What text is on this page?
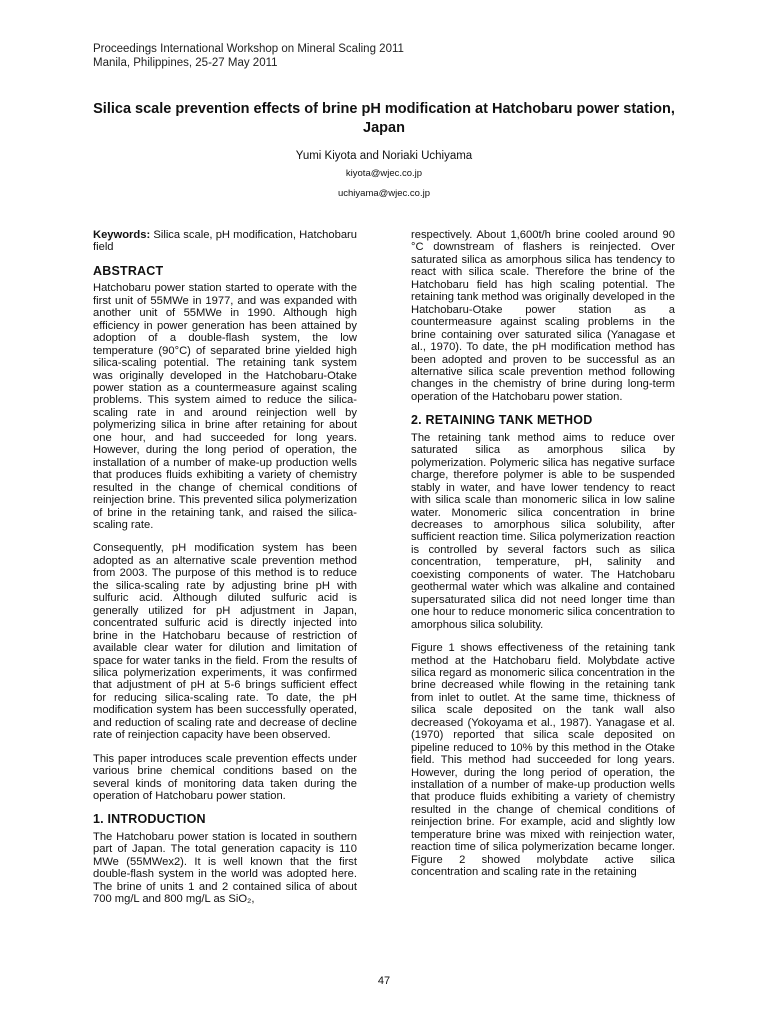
Proceedings International Workshop on Mineral Scaling 2011
Manila, Philippines, 25-27 May 2011
Silica scale prevention effects of brine pH modification at Hatchobaru power station, Japan
Yumi Kiyota and Noriaki Uchiyama
kiyota@wjec.co.jp
uchiyama@wjec.co.jp

Keywords: Silica scale, pH modification, Hatchobaru field

ABSTRACT

Hatchobaru power station started to operate with the first unit of 55MWe in 1977, and was expanded with another unit of 55MWe in 1990. Although high efficiency in power generation has been attained by adoption of a double-flash system, the low temperature (90°C) of separated brine yielded high silica-scaling potential. The retaining tank system was originally developed in the Hatchobaru-Otake power station as a countermeasure against scaling problems. This system aimed to reduce the silica-scaling rate in and around reinjection well by polymerizing silica in brine after retaining for about one hour, and had succeeded for long years. However, during the long period of operation, the installation of a number of make-up production wells that produces fluids exhibiting a variety of chemistry resulted in the change of chemical conditions of reinjection brine. This prevented silica polymerization of brine in the retaining tank, and raised the silica-scaling rate.

Consequently, pH modification system has been adopted as an alternative scale prevention method from 2003. The purpose of this method is to reduce the silica-scaling rate by adjusting brine pH with sulfuric acid. Although diluted sulfuric acid is generally utilized for pH adjustment in Japan, concentrated sulfuric acid is directly injected into brine in the Hatchobaru because of restriction of available clear water for dilution and limitation of space for water tanks in the field. From the results of silica polymerization experiments, it was confirmed that adjustment of pH at 5-6 brings sufficient effect for reducing silica-scaling rate. To date, the pH modification system has been successfully operated, and reduction of scaling rate and decrease of decline rate of reinjection capacity have been observed.

This paper introduces scale prevention effects under various brine chemical conditions based on the several kinds of monitoring data taken during the operation of Hatchobaru power station.

1. INTRODUCTION

The Hatchobaru power station is located in southern part of Japan. The total generation capacity is 110 MWe (55MWex2). It is well known that the first double-flash system in the world was adopted here. The brine of units 1 and 2 contained silica of about 700 mg/L and 800 mg/L as SiO₂,

respectively. About 1,600t/h brine cooled around 90 °C downstream of flashers is reinjected. Over saturated silica as amorphous silica has tendency to react with silica scale. Therefore the brine of the Hatchobaru field has high scaling potential. The retaining tank method was originally developed in the Hatchobaru-Otake power station as a countermeasure against scaling problems in the brine containing over saturated silica (Yanagase et al., 1970). To date, the pH modification method has been adopted and proven to be successful as an alternative silica scale prevention method following changes in the chemistry of brine during long-term operation of the Hatchobaru power station.

2. RETAINING TANK METHOD

The retaining tank method aims to reduce over saturated silica as amorphous silica by polymerization. Polymeric silica has negative surface charge, therefore polymer is able to be suspended stably in water, and have lower tendency to react with silica scale than monomeric silica in low saline water. Monomeric silica concentration in brine decreases to amorphous silica solubility, after sufficient reaction time. Silica polymerization reaction is controlled by several factors such as silica concentration, temperature, pH, salinity and coexisting components of water. The Hatchobaru geothermal water which was alkaline and contained supersaturated silica did not need longer time than one hour to reduce monomeric silica concentration to amorphous silica solubility.

Figure 1 shows effectiveness of the retaining tank method at the Hatchobaru field. Molybdate active silica regard as monomeric silica concentration in the brine decreased while flowing in the retaining tank from inlet to outlet. At the same time, thickness of silica scale deposited on the tank wall also decreased (Yokoyama et al., 1987). Yanagase et al. (1970) reported that silica scale deposited on pipeline reduced to 10% by this method in the Otake field. This method had succeeded for long years. However, during the long period of operation, the installation of a number of make-up production wells that produce fluids exhibiting a variety of chemistry resulted in the change of chemical conditions of reinjection brine. For example, acid and slightly low temperature brine was mixed with reinjection water, reaction time of silica polymerization became longer. Figure 2 showed molybdate active silica concentration and scaling rate in the retaining

47
